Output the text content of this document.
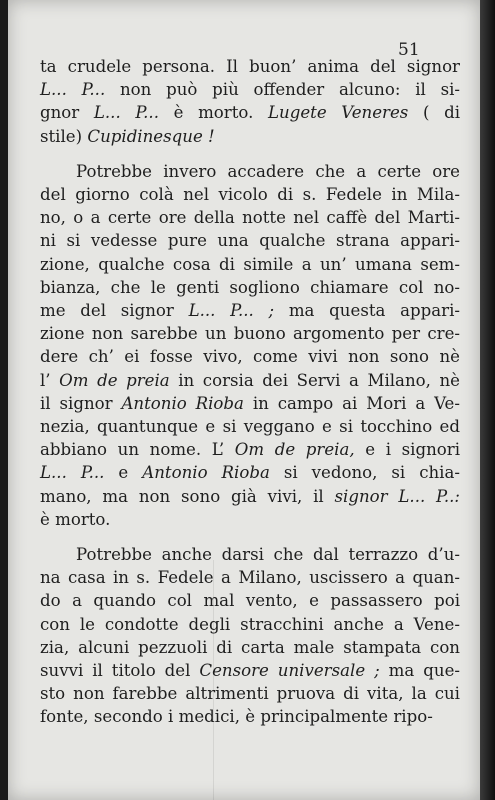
51
ta crudele persona. Il buon’ anima del signor
L... P... non può più offender alcuno: il si-
gnor L... P... è morto. Lugete Veneres ( di
stile) Cupidinesque !
Potrebbe invero accadere che a certe ore
del giorno colà nel vicolo di s. Fedele in Mila-
no, o a certe ore della notte nel caffè del Marti-
ni si vedesse pure una qualche strana appari-
zione, qualche cosa di simile a un’ umana sem-
bianza, che le genti sogliono chiamare col no-
me del signor L... P... ; ma questa appari-
zione non sarebbe un buono argomento per cre-
dere ch’ ei fosse vivo, come vivi non sono nè
l’ Om de preia in corsia dei Servi a Milano, nè
il signor Antonio Rioba in campo ai Mori a Ve-
nezia, quantunque e si veggano e si tocchino ed
abbiano un nome. L’ Om de preia, e i signori
L... P... e Antonio Rioba si vedono, si chia-
mano, ma non sono già vivi, il signor L... P..:
è morto.
Potrebbe anche darsi che dal terrazzo d’u-
na casa in s. Fedele a Milano, uscissero a quan-
do a quando col mal vento, e passassero poi
con le condotte degli stracchini anche a Vene-
zia, alcuni pezzuoli di carta male stampata con
suvvi il titolo del Censore universale ; ma que-
sto non farebbe altrimenti pruova di vita, la cui
fonte, secondo i medici, è principalmente ripo-
